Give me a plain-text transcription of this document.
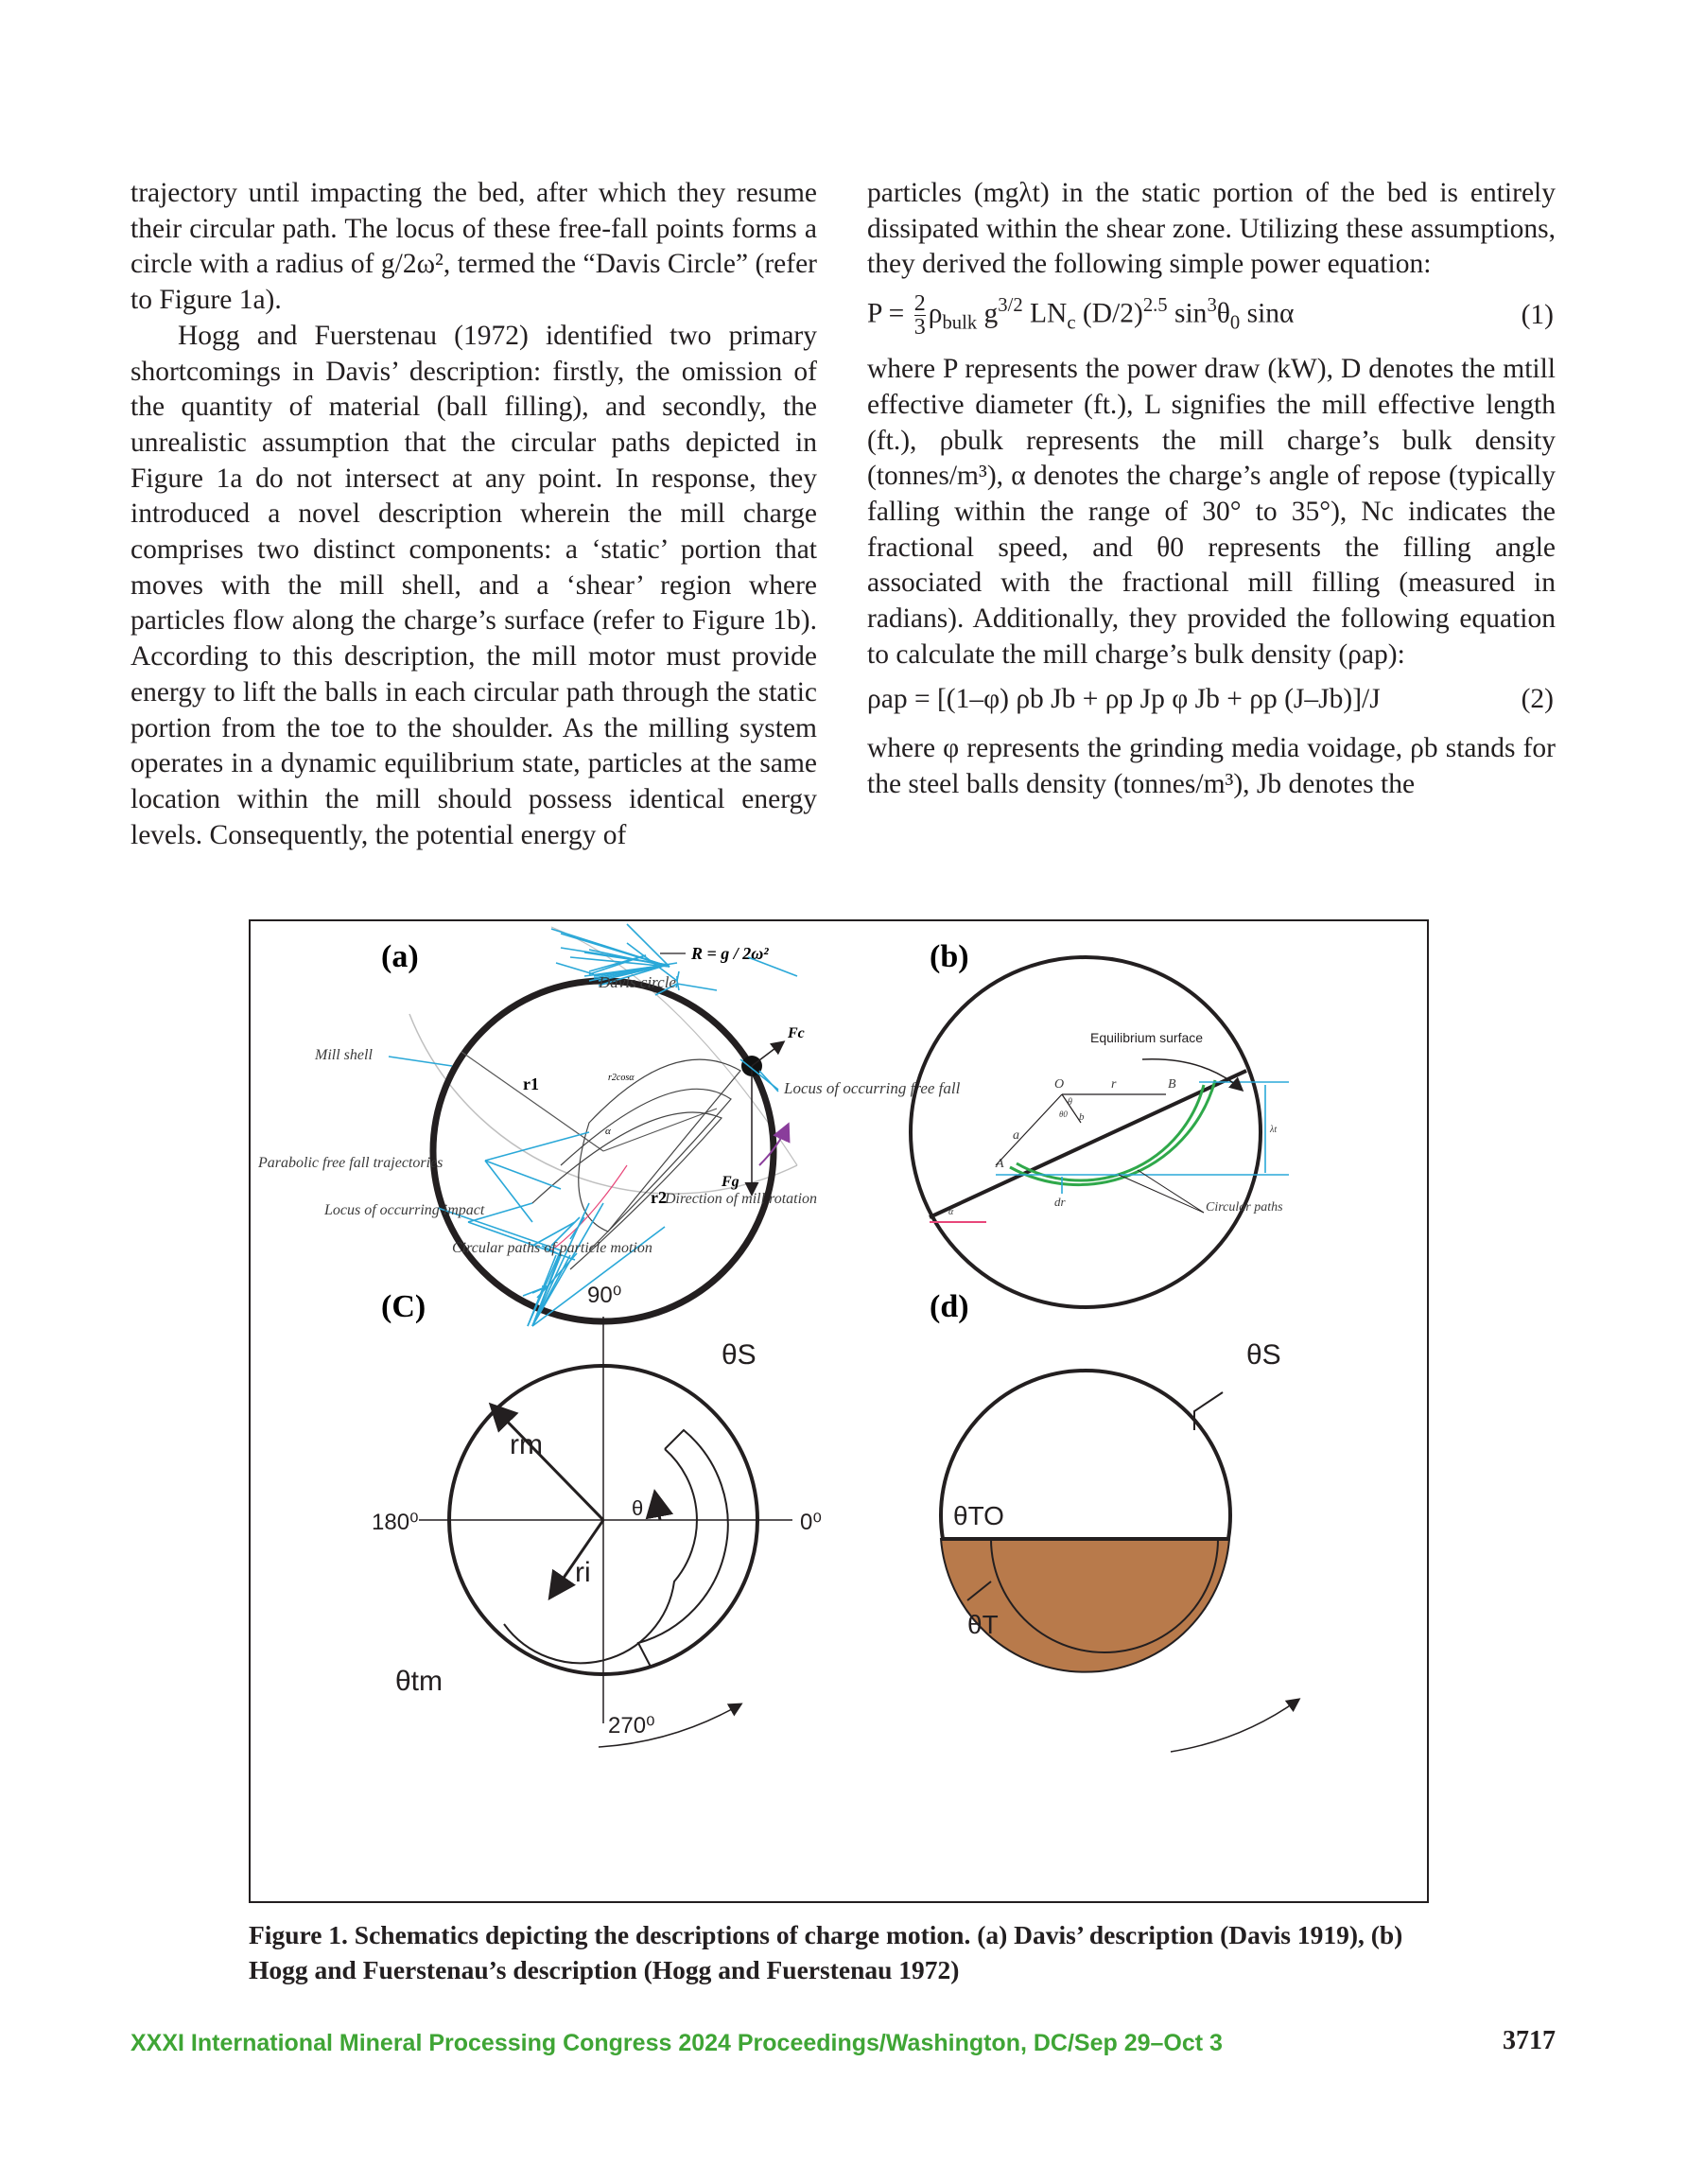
trajectory until impacting the bed, after which they resume their circular path. The locus of these free-fall points forms a circle with a radius of g/2ω², termed the “Davis Circle” (refer to Figure 1a).

Hogg and Fuerstenau (1972) identified two primary shortcomings in Davis’ description: firstly, the omission of the quantity of material (ball filling), and secondly, the unrealistic assumption that the circular paths depicted in Figure 1a do not intersect at any point. In response, they introduced a novel description wherein the mill charge comprises two distinct components: a ‘static’ portion that moves with the mill shell, and a ‘shear’ region where particles flow along the charge’s surface (refer to Figure 1b). According to this description, the mill motor must provide energy to lift the balls in each circular path through the static portion from the toe to the shoulder. As the milling system operates in a dynamic equilibrium state, particles at the same location within the mill should possess identical energy levels. Consequently, the potential energy of

particles (mgλt) in the static portion of the bed is entirely dissipated within the shear zone. Utilizing these assumptions, they derived the following simple power equation:

$P = \frac{2}{3} \rho_{bulk}$ $g^{3/2}$ $LN_c$ $(D/2)^{2.5}$ $\sin^3\theta_0$ sinα	(1)

where P represents the power draw (kW), D denotes the mtill effective diameter (ft.), L signifies the mill effective length (ft.), ρbulk represents the mill charge’s bulk density (tonnes/m³), α denotes the charge’s angle of repose (typically falling within the range of 30° to 35°), Nc indicates the fractional speed, and θ0 represents the filling angle associated with the fractional mill filling (measured in radians). Additionally, they provided the following equation to calculate the mill charge’s bulk density (ρap):

ρap = [(1–φ) ρb Jb + ρp Jp φ Jb + ρp (J–Jb)]/J	(2)

where φ represents the grinding media voidage, ρb stands for the steel balls density (tonnes/m³), Jb denotes the

(a)	R = g / 2ω²
r1
r2
r2cosα
α
Fc
Fg
Davis circle
Mill shell
Locus of occurring free fall
Parabolic free fall trajectories
Locus of occurring impact
Direction of mill rotation
Circular paths of particle motion
(b)
Equilibrium surface
O	r	B
A
a
b
θ
θ0
λt
dr
α	Circular paths
(C)	90⁰
180⁰	0⁰
270⁰
θS
rm
ri
θ
θtm
(d)
θS
θTO
θT
Figure 1. Schematics depicting the descriptions of charge motion. (a) Davis’ description (Davis 1919), (b) Hogg and Fuerstenau’s description (Hogg and Fuerstenau 1972)
XXXI International Mineral Processing Congress 2024 Proceedings/Washington, DC/Sep 29–Oct 3	3717
